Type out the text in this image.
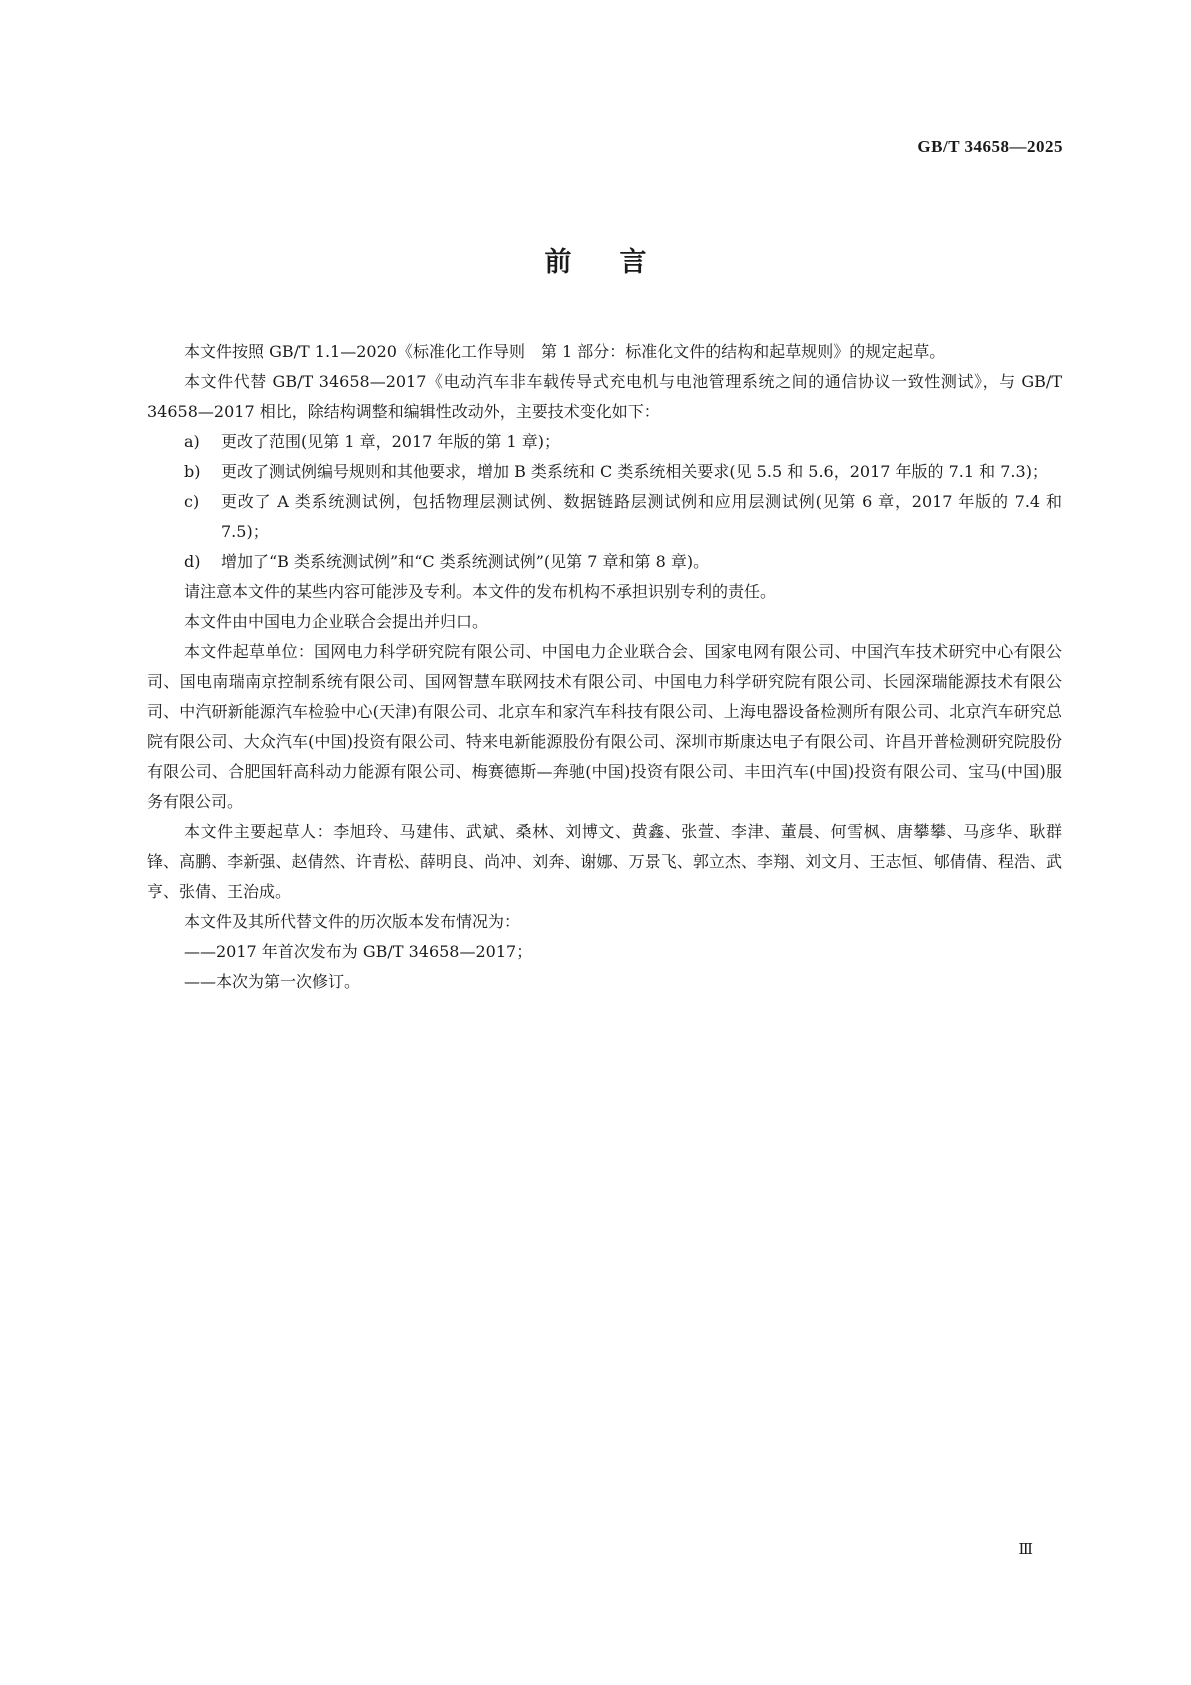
GB/T 34658—2025
前言
本文件按照 GB/T 1.1—2020《标准化工作导则　第 1 部分：标准化文件的结构和起草规则》的规定起草。
本文件代替 GB/T 34658—2017《电动汽车非车载传导式充电机与电池管理系统之间的通信协议一致性测试》，与 GB/T 34658—2017 相比，除结构调整和编辑性改动外，主要技术变化如下：
a)	更改了范围(见第 1 章，2017 年版的第 1 章)；
b)	更改了测试例编号规则和其他要求，增加 B 类系统和 C 类系统相关要求(见 5.5 和 5.6，2017 年版的 7.1 和 7.3)；
c)	更改了 A 类系统测试例，包括物理层测试例、数据链路层测试例和应用层测试例(见第 6 章，2017 年版的 7.4 和 7.5)；
d)	增加了“B 类系统测试例”和“C 类系统测试例”(见第 7 章和第 8 章)。
请注意本文件的某些内容可能涉及专利。本文件的发布机构不承担识别专利的责任。
本文件由中国电力企业联合会提出并归口。
本文件起草单位：国网电力科学研究院有限公司、中国电力企业联合会、国家电网有限公司、中国汽车技术研究中心有限公司、国电南瑞南京控制系统有限公司、国网智慧车联网技术有限公司、中国电力科学研究院有限公司、长园深瑞能源技术有限公司、中汽研新能源汽车检验中心(天津)有限公司、北京车和家汽车科技有限公司、上海电器设备检测所有限公司、北京汽车研究总院有限公司、大众汽车(中国)投资有限公司、特来电新能源股份有限公司、深圳市斯康达电子有限公司、许昌开普检测研究院股份有限公司、合肥国轩高科动力能源有限公司、梅赛德斯—奔驰(中国)投资有限公司、丰田汽车(中国)投资有限公司、宝马(中国)服务有限公司。
本文件主要起草人：李旭玲、马建伟、武斌、桑林、刘博文、黄鑫、张萱、李津、董晨、何雪枫、唐攀攀、马彦华、耿群锋、高鹏、李新强、赵倩然、许青松、薛明良、尚冲、刘奔、谢娜、万景飞、郭立杰、李翔、刘文月、王志恒、郇倩倩、程浩、武亨、张倩、王治成。
本文件及其所代替文件的历次版本发布情况为：
——2017 年首次发布为 GB/T 34658—2017；
——本次为第一次修订。
Ⅲ
